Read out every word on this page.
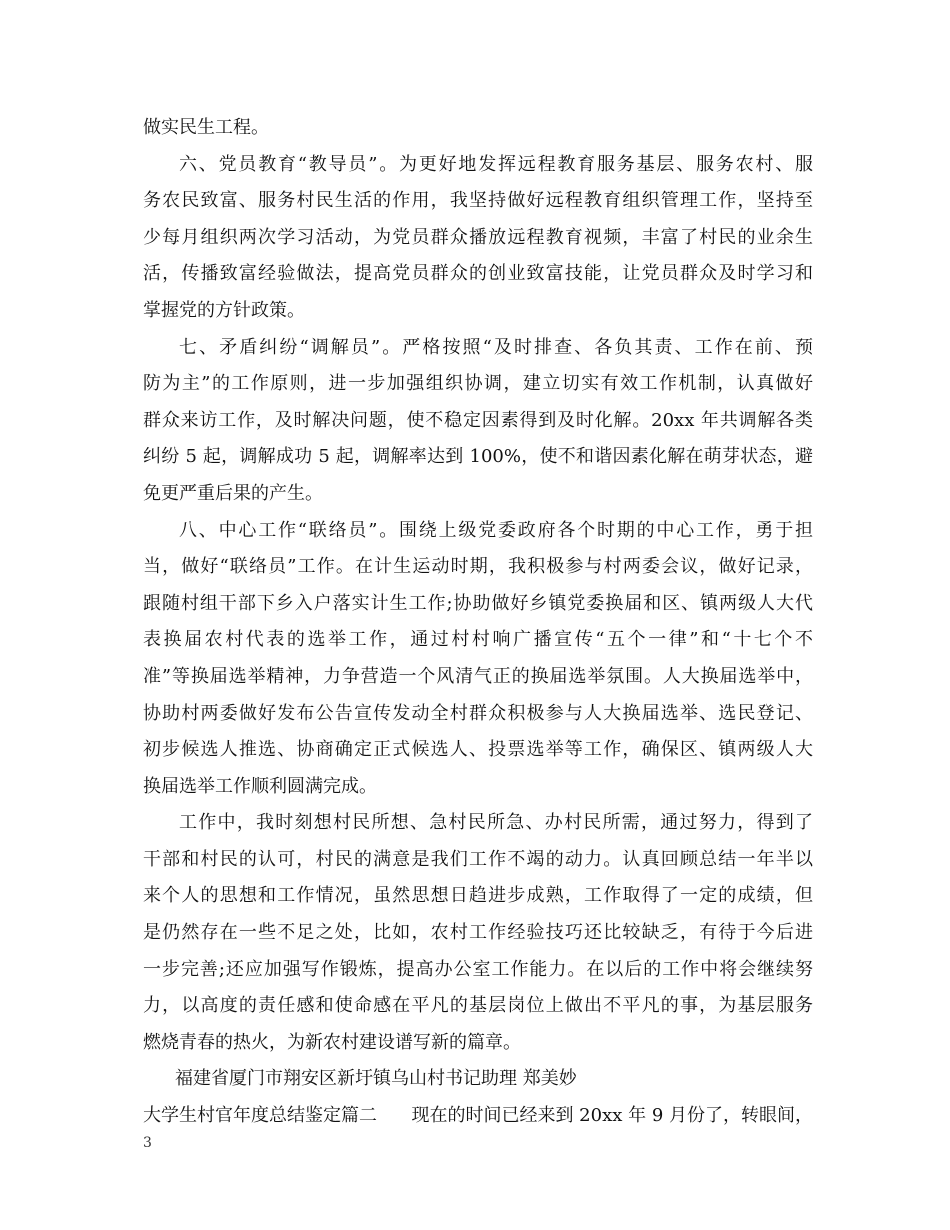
做实民生工程。
六、党员教育“教导员”。为更好地发挥远程教育服务基层、服务农村、服
务农民致富、服务村民生活的作用，我坚持做好远程教育组织管理工作，坚持至
少每月组织两次学习活动，为党员群众播放远程教育视频，丰富了村民的业余生
活，传播致富经验做法，提高党员群众的创业致富技能，让党员群众及时学习和
掌握党的方针政策。
七、矛盾纠纷“调解员”。严格按照“及时排查、各负其责、工作在前、预
防为主”的工作原则，进一步加强组织协调，建立切实有效工作机制，认真做好
群众来访工作，及时解决问题，使不稳定因素得到及时化解。20xx 年共调解各类
纠纷 5 起，调解成功 5 起，调解率达到 100%，使不和谐因素化解在萌芽状态，避
免更严重后果的产生。
八、中心工作“联络员”。围绕上级党委政府各个时期的中心工作，勇于担
当，做好“联络员”工作。在计生运动时期，我积极参与村两委会议，做好记录，
跟随村组干部下乡入户落实计生工作;协助做好乡镇党委换届和区、镇两级人大代
表换届农村代表的选举工作，通过村村响广播宣传“五个一律”和“十七个不
准”等换届选举精神，力争营造一个风清气正的换届选举氛围。人大换届选举中，
协助村两委做好发布公告宣传发动全村群众积极参与人大换届选举、选民登记、
初步候选人推选、协商确定正式候选人、投票选举等工作，确保区、镇两级人大
换届选举工作顺利圆满完成。
工作中，我时刻想村民所想、急村民所急、办村民所需，通过努力，得到了
干部和村民的认可，村民的满意是我们工作不竭的动力。认真回顾总结一年半以
来个人的思想和工作情况，虽然思想日趋进步成熟，工作取得了一定的成绩，但
是仍然存在一些不足之处，比如，农村工作经验技巧还比较缺乏，有待于今后进
一步完善;还应加强写作锻炼，提高办公室工作能力。在以后的工作中将会继续努
力，以高度的责任感和使命感在平凡的基层岗位上做出不平凡的事，为基层服务
燃烧青春的热火，为新农村建设谱写新的篇章。
福建省厦门市翔安区新圩镇乌山村书记助理 郑美妙
大学生村官年度总结鉴定篇二 现在的时间已经来到 20xx 年 9 月份了，转眼间，
3
